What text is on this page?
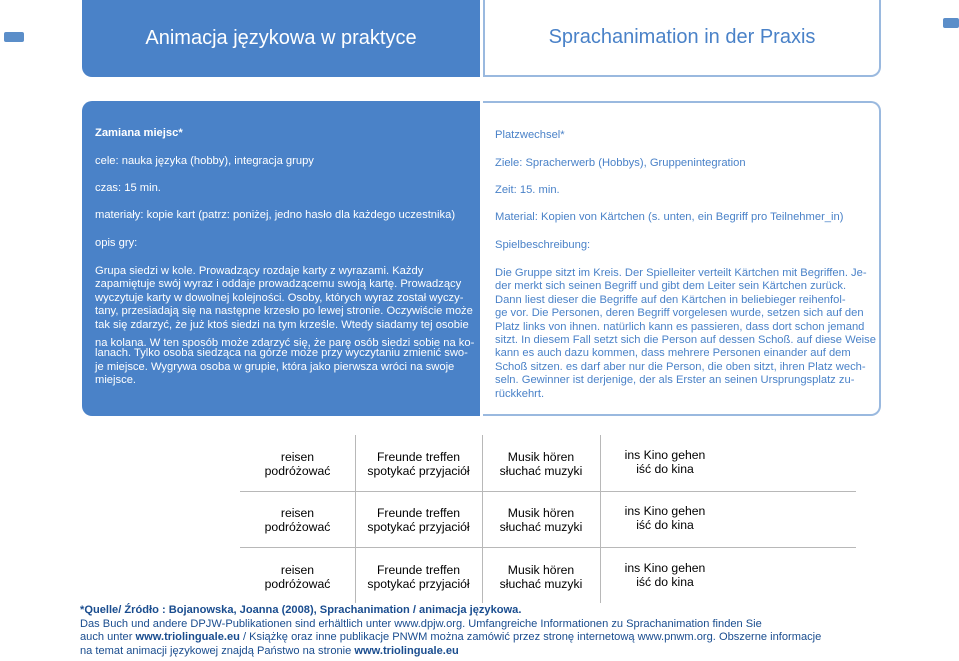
Animacja językowa w praktyce	Sprachanimation in der Praxis
Zamiana miejsc*
cele: nauka języka (hobby), integracja grupy
czas: 15 min.
materiały: kopie kart (patrz: poniżej, jedno hasło dla każdego uczestnika)
opis gry:
Grupa siedzi w kole. Prowadzący rozdaje karty z wyrazami. Każdy
zapamiętuje swój wyraz i oddaje prowadzącemu swoją kartę. Prowadzący
wyczytuje karty w dowolnej kolejności. Osoby, których wyraz został wyczy-
tany, przesiadają się na następne krzesło po lewej stronie. Oczywiście może
tak się zdarzyć, że już ktoś siedzi na tym krześle. Wtedy siadamy tej osobie
na kolana. W ten sposób może zdarzyć się, że parę osób siedzi sobie na ko-
lanach. Tylko osoba siedząca na górze może przy wyczytaniu zmienić swo-
je miejsce. Wygrywa osoba w grupie, która jako pierwsza wróci na swoje
miejsce.
Platzwechsel*
Ziele: Spracherwerb (Hobbys), Gruppenintegration
Zeit: 15. min.
Material: Kopien von Kärtchen (s. unten, ein Begriff pro Teilnehmer_in)
Spielbeschreibung:
Die Gruppe sitzt im Kreis. Der Spielleiter verteilt Kärtchen mit Begriffen. Je-
der merkt sich seinen Begriff und gibt dem Leiter sein Kärtchen zurück.
Dann liest dieser die Begriffe auf den Kärtchen in beliebieger reihenfol-
ge vor. Die Personen, deren Begriff vorgelesen wurde, setzen sich auf den
Platz links von ihnen. natürlich kann es passieren, dass dort schon jemand
sitzt. In diesem Fall setzt sich die Person auf dessen Schoß. auf diese Weise
kann es auch dazu kommen, dass mehrere Personen einander auf dem
Schoß sitzen. es darf aber nur die Person, die oben sitzt, ihren Platz wech-
seln. Gewinner ist derjenige, der als Erster an seinen Ursprungsplatz zu-
rückkehrt.
reisen
podróżować
Freunde treffen
spotykać przyjaciół
Musik hören
słuchać muzyki
ins Kino gehen
iść do kina
reisen
podróżować
Freunde treffen
spotykać przyjaciół
Musik hören
słuchać muzyki
ins Kino gehen
iść do kina
reisen
podróżować
Freunde treffen
spotykać przyjaciół
Musik hören
słuchać muzyki
ins Kino gehen
iść do kina
*Quelle/ Źródło : Bojanowska, Joanna (2008), Sprachanimation / animacja językowa.
Das Buch und andere DPJW-Publikationen sind erhältlich unter www.dpjw.org. Umfangreiche Informationen zu Sprachanimation finden Sie
auch unter www.triolinguale.eu / Książkę oraz inne publikacje PNWM można zamówić przez stronę internetową www.pnwm.org. Obszerne informacje
na temat animacji językowej znajdą Państwo na stronie www.triolinguale.eu
